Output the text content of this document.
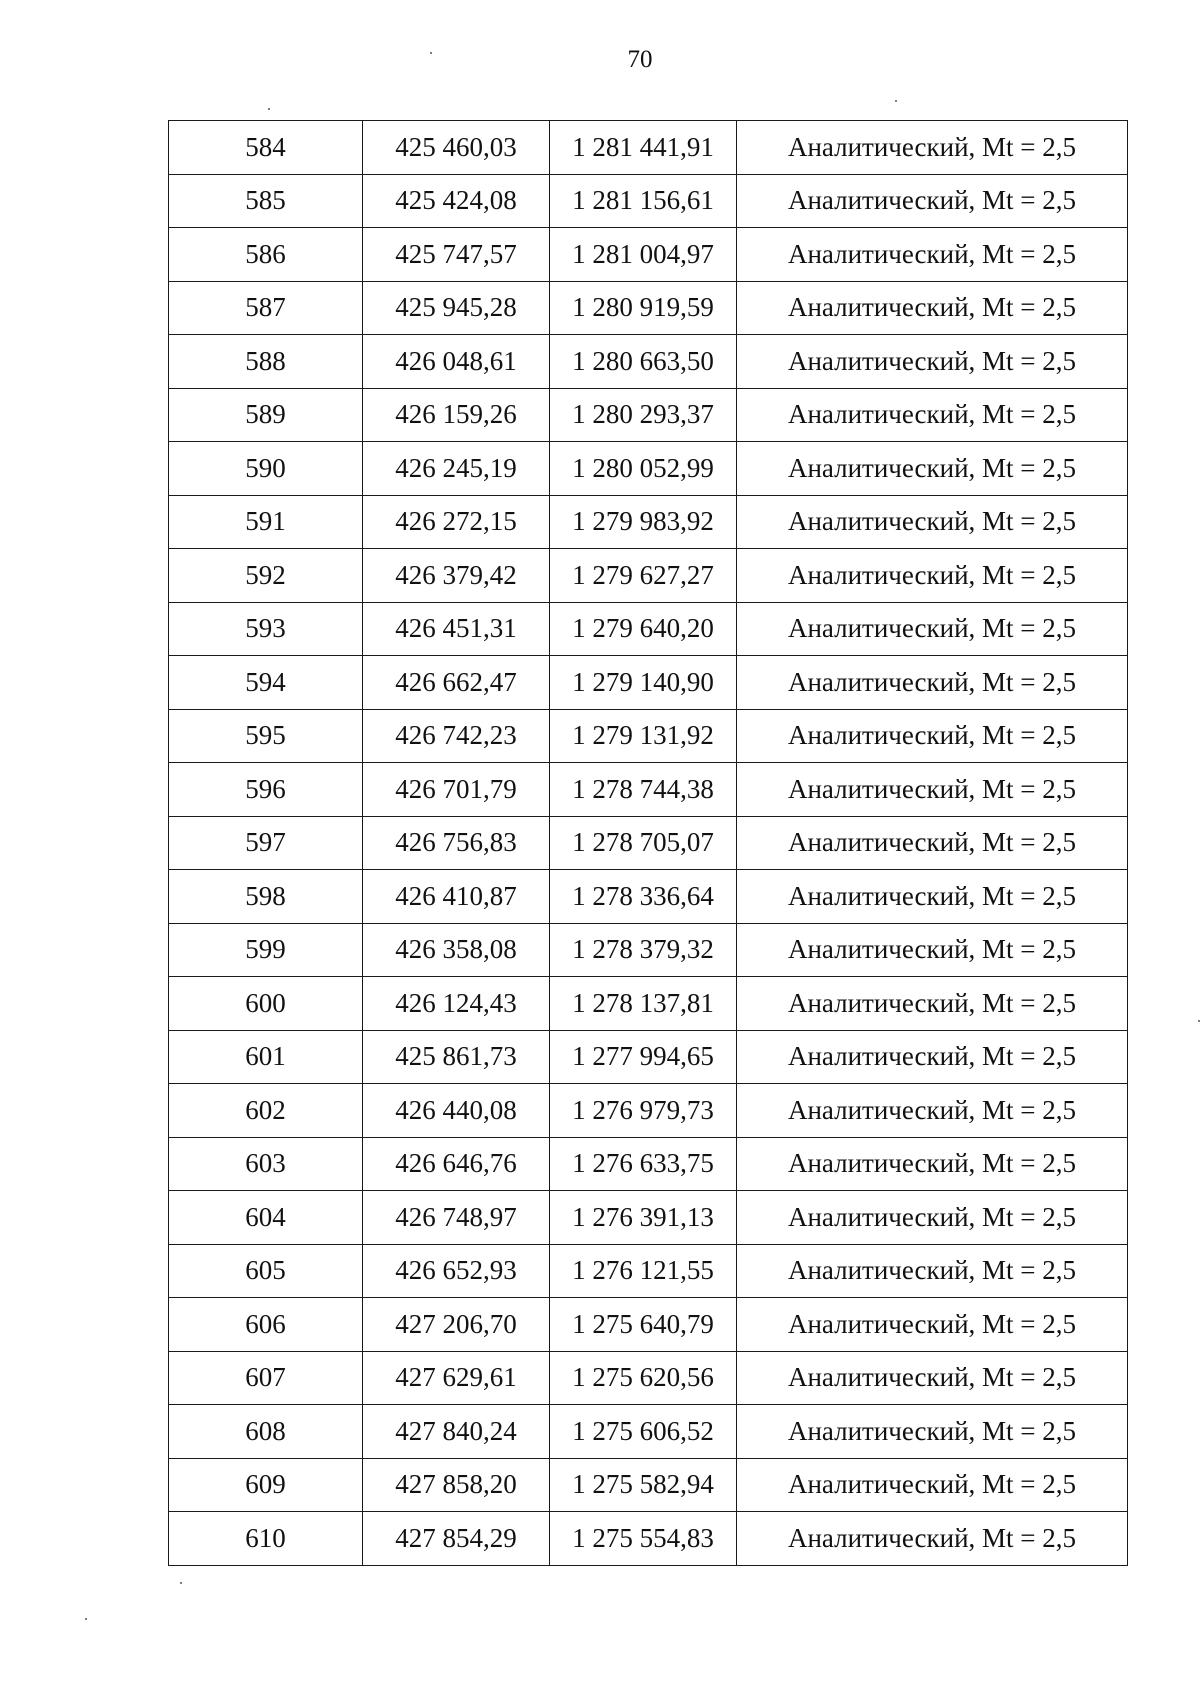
70
584	425 460,03	1 281 441,91	Аналитический, Mt = 2,5
585	425 424,08	1 281 156,61	Аналитический, Mt = 2,5
586	425 747,57	1 281 004,97	Аналитический, Mt = 2,5
587	425 945,28	1 280 919,59	Аналитический, Mt = 2,5
588	426 048,61	1 280 663,50	Аналитический, Mt = 2,5
589	426 159,26	1 280 293,37	Аналитический, Mt = 2,5
590	426 245,19	1 280 052,99	Аналитический, Mt = 2,5
591	426 272,15	1 279 983,92	Аналитический, Mt = 2,5
592	426 379,42	1 279 627,27	Аналитический, Mt = 2,5
593	426 451,31	1 279 640,20	Аналитический, Mt = 2,5
594	426 662,47	1 279 140,90	Аналитический, Mt = 2,5
595	426 742,23	1 279 131,92	Аналитический, Mt = 2,5
596	426 701,79	1 278 744,38	Аналитический, Mt = 2,5
597	426 756,83	1 278 705,07	Аналитический, Mt = 2,5
598	426 410,87	1 278 336,64	Аналитический, Mt = 2,5
599	426 358,08	1 278 379,32	Аналитический, Mt = 2,5
600	426 124,43	1 278 137,81	Аналитический, Mt = 2,5
601	425 861,73	1 277 994,65	Аналитический, Mt = 2,5
602	426 440,08	1 276 979,73	Аналитический, Mt = 2,5
603	426 646,76	1 276 633,75	Аналитический, Mt = 2,5
604	426 748,97	1 276 391,13	Аналитический, Mt = 2,5
605	426 652,93	1 276 121,55	Аналитический, Mt = 2,5
606	427 206,70	1 275 640,79	Аналитический, Mt = 2,5
607	427 629,61	1 275 620,56	Аналитический, Mt = 2,5
608	427 840,24	1 275 606,52	Аналитический, Mt = 2,5
609	427 858,20	1 275 582,94	Аналитический, Mt = 2,5
610	427 854,29	1 275 554,83	Аналитический, Mt = 2,5
